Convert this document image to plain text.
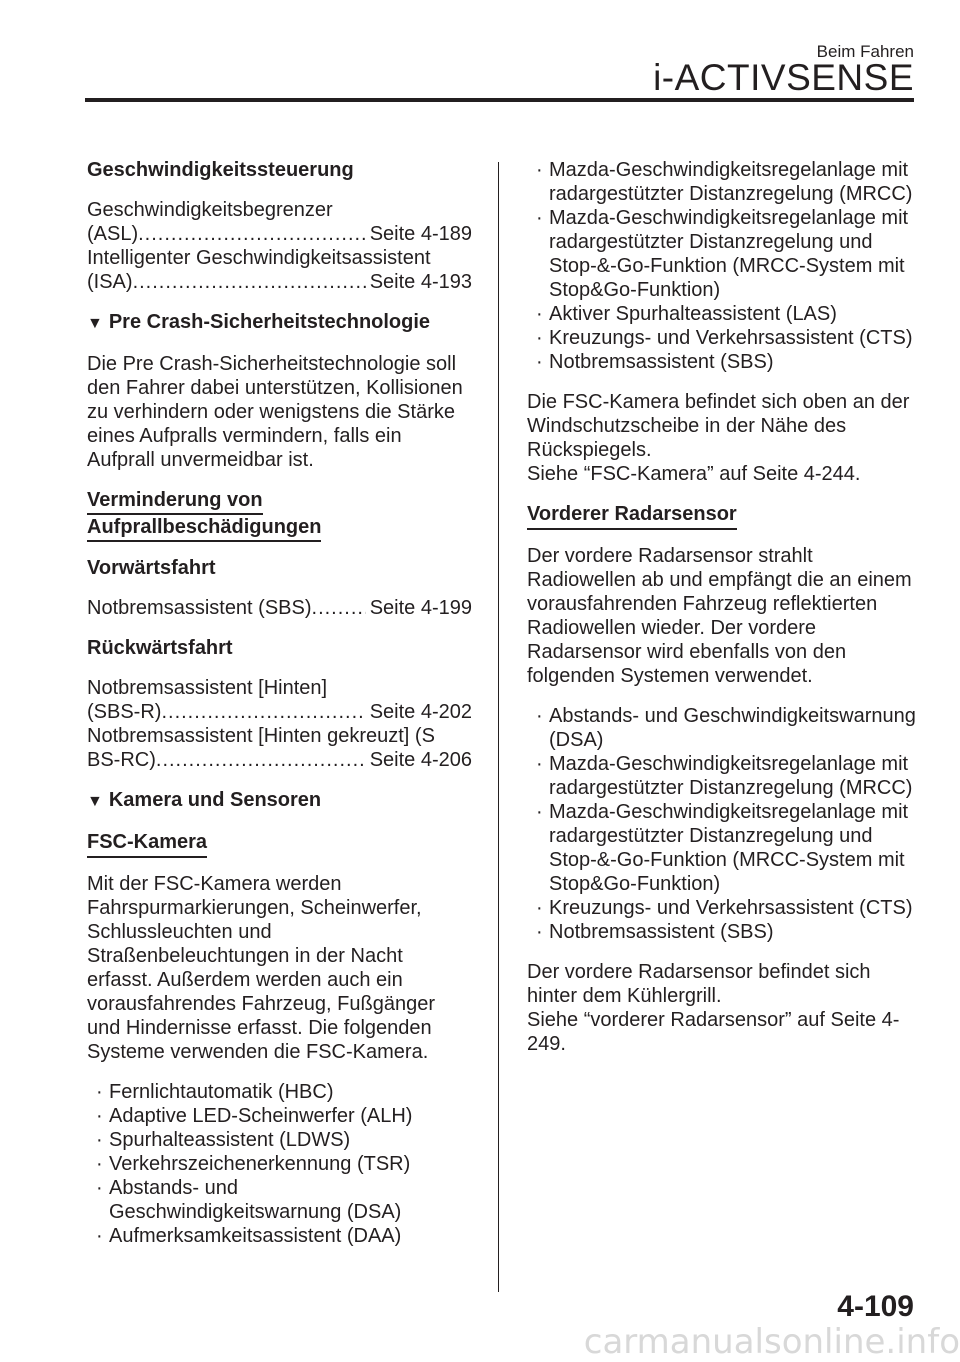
Beim Fahren
i-ACTIVSENSE
Geschwindigkeitssteuerung
Geschwindigkeitsbegrenzer
(ASL) .....	Seite 4-189
Intelligenter Geschwindigkeitsassistent
(ISA) .....	Seite 4-193
▼ Pre Crash-Sicherheitstechnologie

Die Pre Crash-Sicherheitstechnologie soll den Fahrer dabei unterstützen, Kollisionen zu verhindern oder wenigstens die Stärke eines Aufpralls vermindern, falls ein Aufprall unvermeidbar ist.

Verminderung von
Aufprallbeschädigungen
Vorwärtsfahrt
Notbremsassistent (SBS) .....	Seite 4-199
Rückwärtsfahrt
Notbremsassistent [Hinten]
(SBS-R) .....	Seite 4-202
Notbremsassistent [Hinten gekreuzt] (S
BS-RC) .....	Seite 4-206
▼ Kamera und Sensoren
FSC-Kamera

Mit der FSC-Kamera werden Fahrspurmarkierungen, Scheinwerfer, Schlussleuchten und Straßenbeleuchtungen in der Nacht erfasst. Außerdem werden auch ein vorausfahrendes Fahrzeug, Fußgänger und Hindernisse erfasst. Die folgenden Systeme verwenden die FSC-Kamera.

· Fernlichtautomatik (HBC)
· Adaptive LED-Scheinwerfer (ALH)
· Spurhalteassistent (LDWS)
· Verkehrszeichenerkennung (TSR)
· Abstands- und Geschwindigkeitswarnung (DSA)
· Aufmerksamkeitsassistent (DAA)
· Mazda-Geschwindigkeitsregelanlage mit radargestützter Distanzregelung (MRCC)
· Mazda-Geschwindigkeitsregelanlage mit radargestützter Distanzregelung und Stop-&-Go-Funktion (MRCC-System mit Stop&Go-Funktion)
· Aktiver Spurhalteassistent (LAS)
· Kreuzungs- und Verkehrsassistent (CTS)
· Notbremsassistent (SBS)

Die FSC-Kamera befindet sich oben an der Windschutzscheibe in der Nähe des Rückspiegels.
Siehe “FSC-Kamera” auf Seite 4-244.

Vorderer Radarsensor

Der vordere Radarsensor strahlt Radiowellen ab und empfängt die an einem vorausfahrenden Fahrzeug reflektierten Radiowellen wieder. Der vordere Radarsensor wird ebenfalls von den folgenden Systemen verwendet.

· Abstands- und Geschwindigkeitswarnung (DSA)
· Mazda-Geschwindigkeitsregelanlage mit radargestützter Distanzregelung (MRCC)
· Mazda-Geschwindigkeitsregelanlage mit radargestützter Distanzregelung und Stop-&-Go-Funktion (MRCC-System mit Stop&Go-Funktion)
· Kreuzungs- und Verkehrsassistent (CTS)
· Notbremsassistent (SBS)

Der vordere Radarsensor befindet sich hinter dem Kühlergrill.
Siehe “vorderer Radarsensor” auf Seite 4-249.

4-109
carmanualsonline.info
